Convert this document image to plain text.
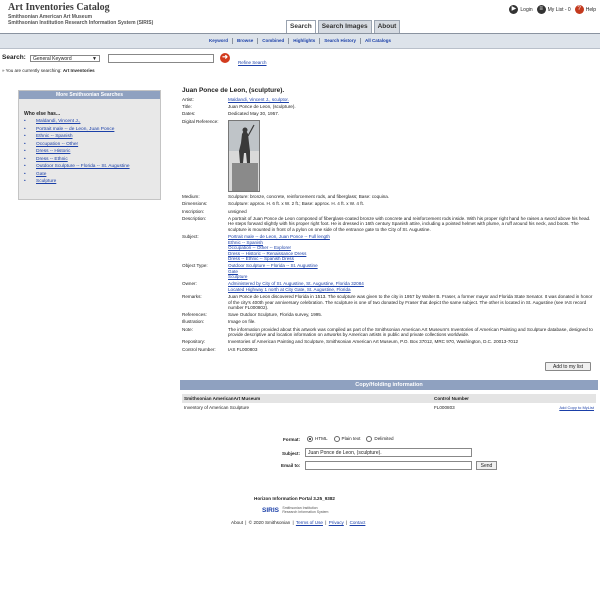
Art Inventories Catalog
Smithsonian American Art Museum
Smithsonian Institution Research Information System (SIRIS)
▶ Login	≡ My List - 0	? Help
Search	Search Images	About
Keyword	Browse	Combined	Highlights	Search History	All Catalogs
Search:	General Keyword	▼	➜
Refine Search
» You are currently searching: Art Inventories
More Smithsonian Searches
Who else has...
• Maldandi, Vincent J.,
• Portrait male -- de Leon, Juan Ponce
• Ethnic -- Spanish
• Occupation -- Other
• Dress -- Historic
• Dress -- Ethnic
• Outdoor Sculpture -- Florida -- St. Augustine
• Gate
• Sculpture
Juan Ponce de Leon, (sculpture).
Artist:	Maldandi, Vincent J., sculptor.
Title:	Juan Ponce de Leon, (sculpture).
Dates:	Dedicated May 30, 1957.
Digital Reference:
Medium:	Sculpture: bronze, concrete, reinforcement rods, and fiberglass; Base: coquina.
Dimensions:	Sculpture: approx. H. 6 ft. x W. 2 ft.; Base: approx. H. 4 ft. x W. 4 ft.
Inscription:	unsigned
Description:	A portrait of Juan Ponce de Leon composed of fiberglass-coated bronze with concrete and reinforcement rods inside. With his proper right hand he raises a sword above his head. He steps forward slightly with his proper right foot. He is dressed in 16th century Spanish attire, including a pointed helmet with plume, a ruff around his neck, and boots. The sculpture is mounted in front of a pylon on one side of the entrance gate to the City of St. Augustine.
Subject:	Portrait male -- de Leon, Juan Ponce -- Full length
Ethnic -- Spanish
Occupation -- Other -- Explorer
Dress -- Historic -- Renaissance Dress
Dress -- Ethnic -- Spanish Dress
Object Type:	Outdoor Sculpture -- Florida -- St. Augustine
Gate
Sculpture
Owner:	Administered by City of St. Augustine, St. Augustine, Florida 32084
Located Highway 1 north at City Gate, St. Augustine, Florida
Remarks:	Juan Ponce de Leon discovered Florida in 1513. The sculpture was given to the city in 1957 by Walter B. Fraser, a former mayor and Florida State Senator. It was donated in honor of the city's 400th year anniversary celebration. The sculpture is one of two donated by Fraser that depict the same subject. The other is located in St. Augustine (see IAS record number FL000802).
References:	Save Outdoor Sculpture, Florida survey, 1995.
Illustration:	Image on file.
Note:	The information provided about this artwork was compiled as part of the Smithsonian American Art Museum's Inventories of American Painting and Sculpture database, designed to provide descriptive and location information on artworks by American artists in public and private collections worldwide.
Repository:	Inventories of American Painting and Sculpture, Smithsonian American Art Museum, P.O. Box 37012, MRC 970, Washington, D.C. 20013-7012
Control Number:	IAS FL000803
Add to my list
Copy/Holding information
Smithsonian AmericanArt Museum	Control Number
Inventory of American Sculpture	FL000803	Add Copy to MyList
Format:	HTML	Plain text	Delimited
Subject:	Juan Ponce de Leon, (sculpture).
Email to:	Send
Horizon Information Portal 3.25_9382
SIRIS Smithsonian Institution
Research Information System
About | © 2020 Smithsonian | Terms of Use | Privacy | Contact
